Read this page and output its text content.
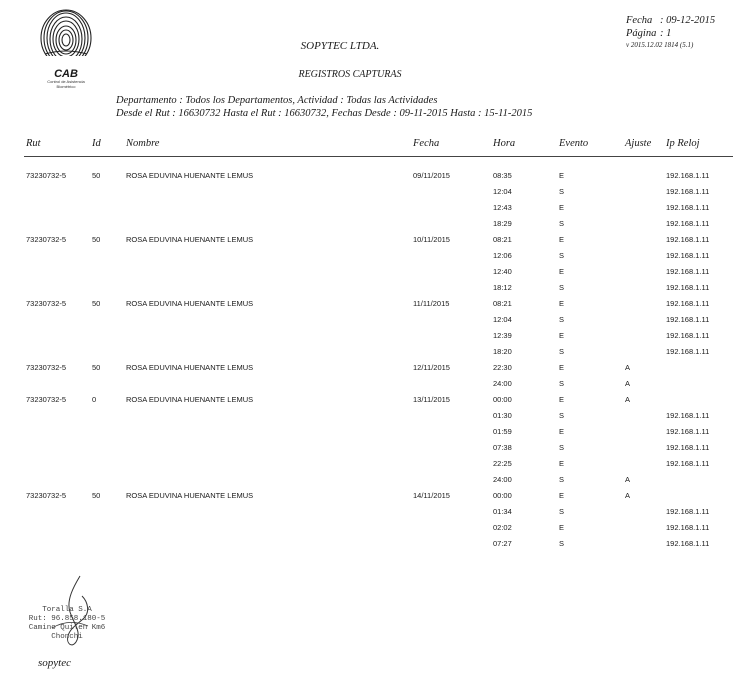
CAB
Control de Asistencia
Biométrico
SOPYTEC LTDA.
REGISTROS CAPTURAS
Fecha : 09-12-2015
Página : 1
v 2015.12.02 1814 (5.1)
Departamento : Todos los Departamentos, Actividad : Todas las Actividades
Desde el Rut : 16630732 Hasta el Rut : 16630732, Fechas Desde : 09-11-2015 Hasta : 15-11-2015
Rut	Id Nombre	Fecha	Hora	Evento	Ajuste Ip Reloj
73230732-5	50	ROSA EDUVINA HUENANTE LEMUS	09/11/2015	08:35	E	192.168.1.11
12:04	S	192.168.1.11
12:43	E	192.168.1.11
18:29	S	192.168.1.11
73230732-5	50	ROSA EDUVINA HUENANTE LEMUS	10/11/2015	08:21	E	192.168.1.11
12:06	S	192.168.1.11
12:40	E	192.168.1.11
18:12	S	192.168.1.11
73230732-5	50	ROSA EDUVINA HUENANTE LEMUS	11/11/2015	08:21	E	192.168.1.11
12:04	S	192.168.1.11
12:39	E	192.168.1.11
18:20	S	192.168.1.11
73230732-5	50	ROSA EDUVINA HUENANTE LEMUS	12/11/2015	22:30	E	A
24:00	S	A
73230732-5	0	ROSA EDUVINA HUENANTE LEMUS	13/11/2015	00:00	E	A
01:30	S	192.168.1.11
01:59	E	192.168.1.11
07:38	S	192.168.1.11
22:25	E	192.168.1.11
24:00	S	A
73230732-5	50	ROSA EDUVINA HUENANTE LEMUS	14/11/2015	00:00	E	A
01:34	S	192.168.1.11
02:02	E	192.168.1.11
07:27	S	192.168.1.11
Toralla S.A
Rut: 96.858.180-5
Camino Quilen Km6
Chonchi
sopytec
